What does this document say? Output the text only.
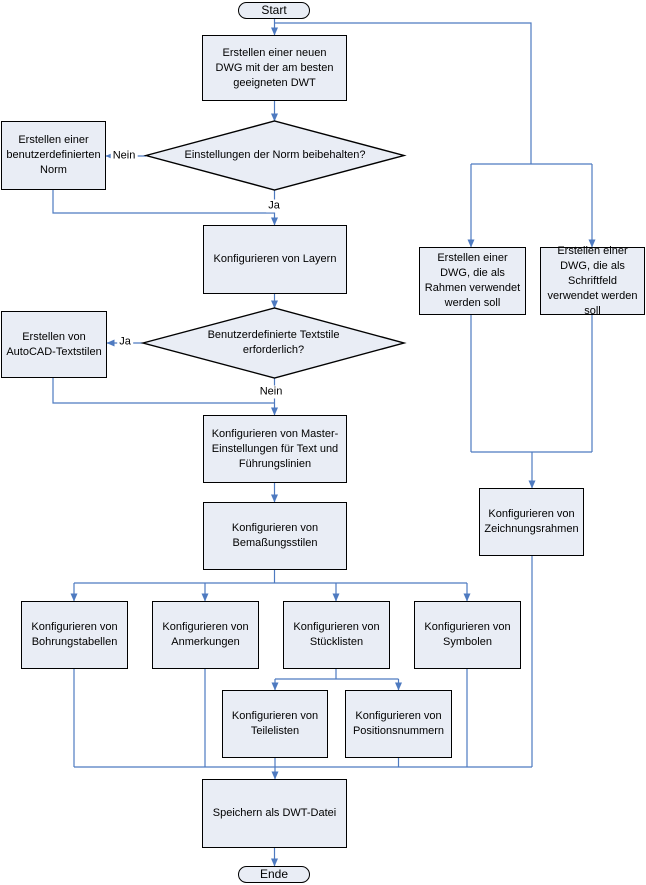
Start
Erstellen einer neuen DWG mit der am besten geeigneten DWT
Einstellungen der Norm beibehalten?
Erstellen einer benutzerdefinierten Norm
Konfigurieren von Layern
Benutzerdefinierte Textstile erforderlich?
Erstellen von AutoCAD-Textstilen
Konfigurieren von Master-Einstellungen für Text und Führungslinien
Konfigurieren von Bemaßungsstilen
Konfigurieren von Bohrungstabellen
Konfigurieren von Anmerkungen
Konfigurieren von Stücklisten
Konfigurieren von Symbolen
Konfigurieren von Teilelisten
Konfigurieren von Positionsnummern
Erstellen einer DWG, die als Rahmen verwendet werden soll
Erstellen einer DWG, die als Schriftfeld verwendet werden soll
Konfigurieren von Zeichnungsrahmen
Speichern als DWT-Datei
Ende
Nein
Ja
Ja
Nein
